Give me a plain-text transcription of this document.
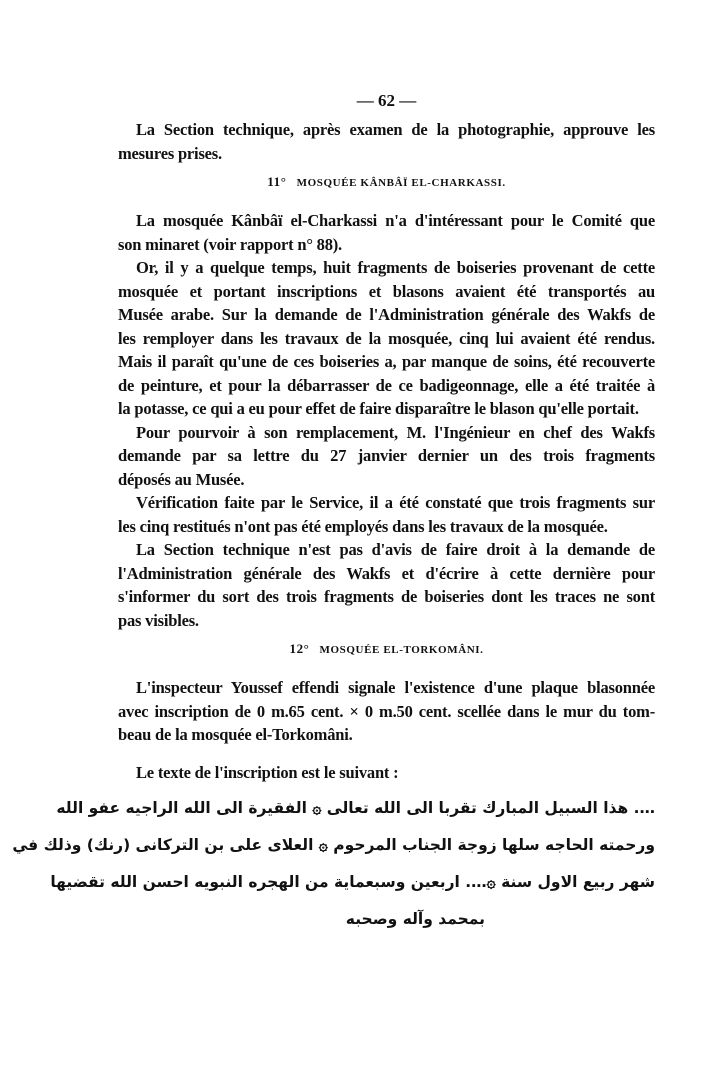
— 62 —
La Section technique, après examen de la photographie, approuve les
mesures prises.
11° MOSQUÉE KÂNBÂÏ EL-CHARKASSI.
La mosquée Kânbâï el-Charkassi n'a d'intéressant pour le Comité que
son minaret (voir rapport n° 88).
Or, il y a quelque temps, huit fragments de boiseries provenant de cette
mosquée et portant inscriptions et blasons avaient été transportés au
Musée arabe. Sur la demande de l'Administration générale des Wakfs de
les remployer dans les travaux de la mosquée, cinq lui avaient été rendus.
Mais il paraît qu'une de ces boiseries a, par manque de soins, été recouverte
de peinture, et pour la débarrasser de ce badigeonnage, elle a été traitée à
la potasse, ce qui a eu pour effet de faire disparaître le blason qu'elle portait.
Pour pourvoir à son remplacement, M. l'Ingénieur en chef des Wakfs
demande par sa lettre du 27 janvier dernier un des trois fragments
déposés au Musée.
Vérification faite par le Service, il a été constaté que trois fragments sur
les cinq restitués n'ont pas été employés dans les travaux de la mosquée.
La Section technique n'est pas d'avis de faire droit à la demande de
l'Administration générale des Wakfs et d'écrire à cette dernière pour
s'informer du sort des trois fragments de boiseries dont les traces ne sont
pas visibles.
12° MOSQUÉE EL-TORKOMÂNI.
L'inspecteur Youssef effendi signale l'existence d'une plaque blasonnée
avec inscription de 0 m.65 cent. × 0 m.50 cent. scellée dans le mur du tom-
beau de la mosquée el-Torkomâni.
Le texte de l'inscription est le suivant :
…. هذا السبيل المبارك تقربا الى الله تعالى ۞ الفقيرة الى الله الراجيه عفو الله
ورحمته الحاجه سلها زوجة الجناب المرحوم ۞ العلاى على بن التركانى (رنك) وذلك في
شهر ربيع الاول سنة ۞…. اربعين وسبعماية من الهجره النبويه احسن الله تقضيها
بمحمد وآله وصحبه
